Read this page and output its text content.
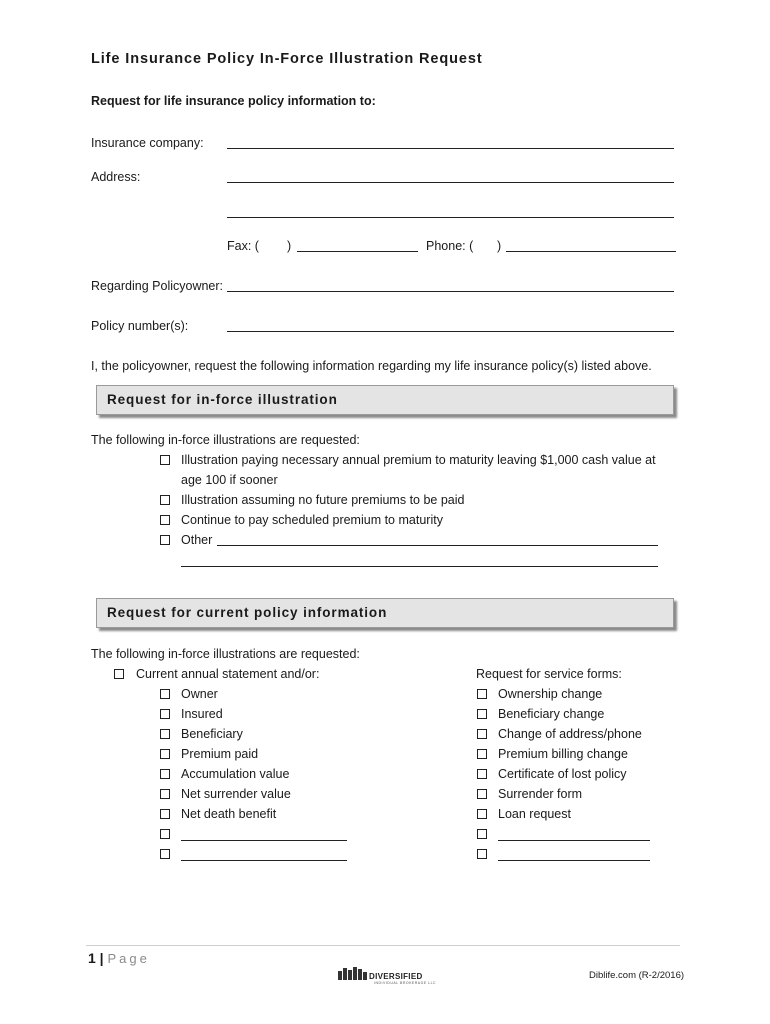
Life Insurance Policy In-Force Illustration Request
Request for life insurance policy information to:
Insurance company:
Address:
Fax: ( )	Phone: ( )
Regarding Policyowner:
Policy number(s):
I, the policyowner, request the following information regarding my life insurance policy(s) listed above.
Request for in-force illustration
The following in-force illustrations are requested:
Illustration paying necessary annual premium to maturity leaving $1,000 cash value at
age 100 if sooner
Illustration assuming no future premiums to be paid
Continue to pay scheduled premium to maturity
Other
Request for current policy information
The following in-force illustrations are requested:
Current annual statement and/or:
Owner
Insured
Beneficiary
Premium paid
Accumulation value
Net surrender value
Net death benefit
Request for service forms:
Ownership change
Beneficiary change
Change of address/phone
Premium billing change
Certificate of lost policy
Surrender form
Loan request
1 | Page
DIVERSIFIED
INDIVIDUAL BROKERAGE LLC
Diblife.com (R-2/2016)
